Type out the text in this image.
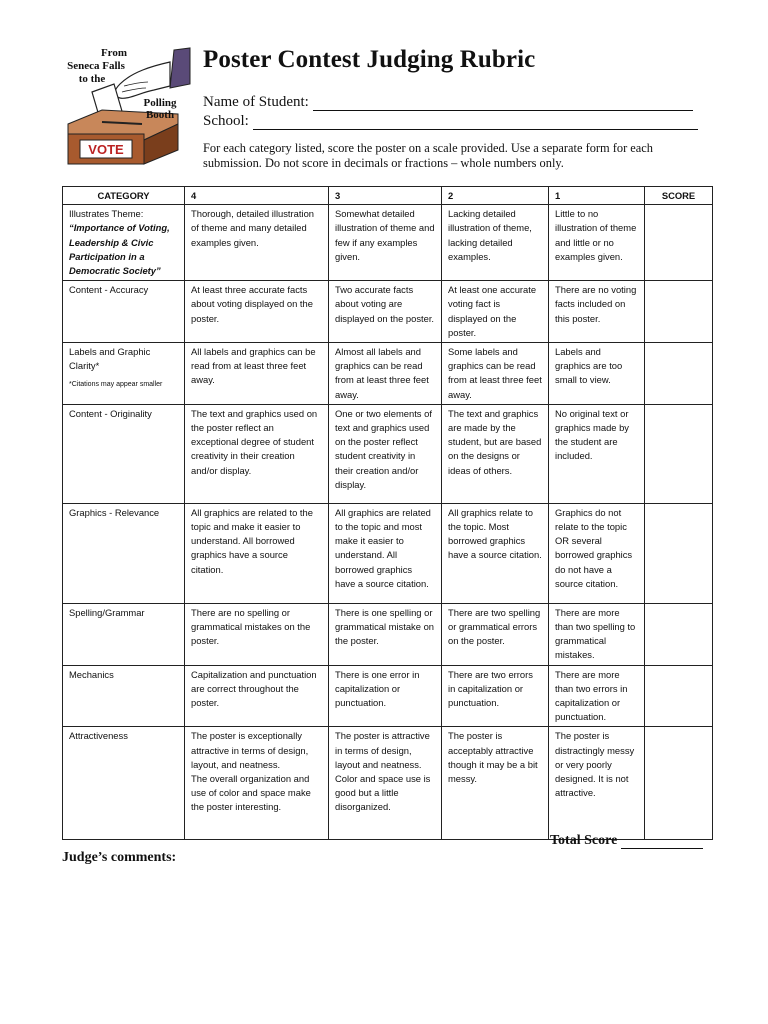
VOTE
From
Seneca Falls
to the
Polling
Booth
Poster Contest Judging Rubric
Name of Student:
School:
For each category listed, score the poster on a scale provided. Use a separate form for each submission. Do not score in decimals or fractions – whole numbers only.
CATEGORY	4	3	2	1	SCORE
Illustrates Theme:
“Importance of Voting, Leadership & Civic Participation in a Democratic Society”	Thorough, detailed illustration of theme and many detailed examples given.	Somewhat detailed illustration of theme and few if any examples given.	Lacking detailed illustration of theme, lacking detailed examples.	Little to no illustration of theme and little or no examples given.	
Content - Accuracy	At least three accurate facts about voting displayed on the poster.	Two accurate facts about voting are displayed on the poster.	At least one accurate voting fact is displayed on the poster.	There are no voting facts included on this poster.	
Labels and Graphic Clarity*
*Citations may appear smaller	All labels and graphics can be read from at least three feet away.	Almost all labels and graphics can be read from at least three feet away.	Some labels and graphics can be read from at least three feet away.	Labels and graphics are too small to view.	
Content - Originality	The text and graphics used on the poster reflect an exceptional degree of student creativity in their creation and/or display.	One or two elements of text and graphics used on the poster reflect student creativity in their creation and/or display.	The text and graphics are made by the student, but are based on the designs or ideas of others.	No original text or graphics made by the student are included.	
Graphics - Relevance	All graphics are related to the topic and make it easier to understand. All borrowed graphics have a source citation.	All graphics are related to the topic and most make it easier to understand. All borrowed graphics have a source citation.	All graphics relate to the topic. Most borrowed graphics have a source citation.	Graphics do not relate to the topic OR several borrowed graphics do not have a source citation.	
Spelling/Grammar	There are no spelling or grammatical mistakes on the poster.	There is one spelling or grammatical mistake on the poster.	There are two spelling or grammatical errors on the poster.	There are more than two spelling to grammatical mistakes.	
Mechanics	Capitalization and punctuation are correct throughout the poster.	There is one error in capitalization or punctuation.	There are two errors in capitalization or punctuation.	There are more than two errors in capitalization or punctuation.	
Attractiveness	The poster is exceptionally attractive in terms of design, layout, and neatness.
The overall organization and use of color and space make the poster interesting.	The poster is attractive in terms of design, layout and neatness.
Color and space use is good but a little disorganized.	The poster is acceptably attractive though it may be a bit messy.	The poster is distractingly messy or very poorly designed. It is not attractive.	
Total Score
Judge’s comments:
